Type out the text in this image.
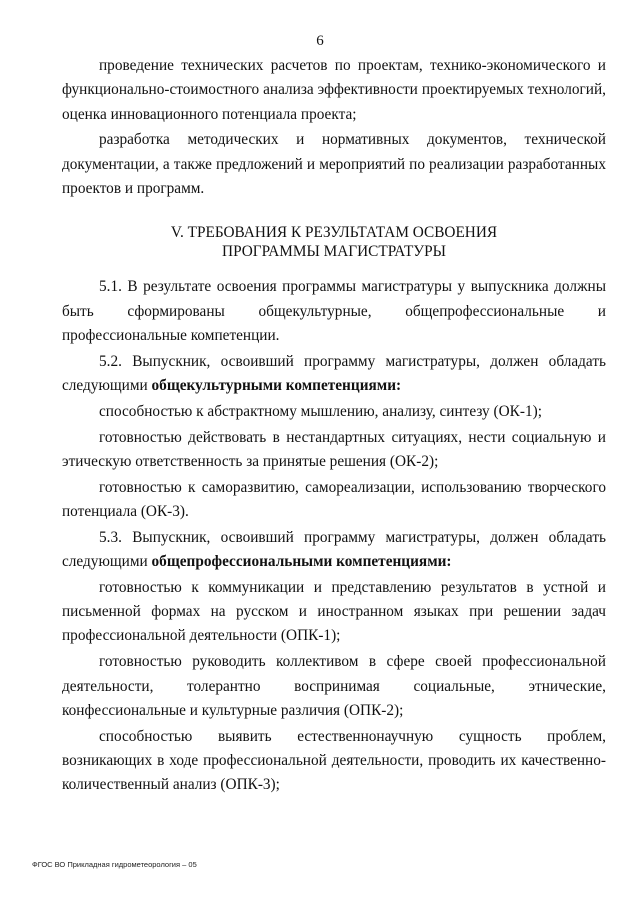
6

проведение технических расчетов по проектам, технико-экономического и функционально-стоимостного анализа эффективности проектируемых технологий, оценка инновационного потенциала проекта;

разработка методических и нормативных документов, технической документации, а также предложений и мероприятий по реализации разработанных проектов и программ.

V. ТРЕБОВАНИЯ К РЕЗУЛЬТАТАМ ОСВОЕНИЯ
ПРОГРАММЫ МАГИСТРАТУРЫ

5.1. В результате освоения программы магистратуры у выпускника должны быть сформированы общекультурные, общепрофессиональные и профессиональные компетенции.

5.2. Выпускник, освоивший программу магистратуры, должен обладать следующими общекультурными компетенциями:

способностью к абстрактному мышлению, анализу, синтезу (ОК-1);

готовностью действовать в нестандартных ситуациях, нести социальную и этическую ответственность за принятые решения (ОК-2);

готовностью к саморазвитию, самореализации, использованию творческого потенциала (ОК-3).

5.3. Выпускник, освоивший программу магистратуры, должен обладать следующими общепрофессиональными компетенциями:

готовностью к коммуникации и представлению результатов в устной и письменной формах на русском и иностранном языках при решении задач профессиональной деятельности (ОПК-1);

готовностью руководить коллективом в сфере своей профессиональной деятельности, толерантно воспринимая социальные, этнические, конфессиональные и культурные различия (ОПК-2);

способностью выявить естественнонаучную сущность проблем, возникающих в ходе профессиональной деятельности, проводить их качественно-количественный анализ (ОПК-3);

ФГОС ВО Прикладная гидрометеорология – 05
